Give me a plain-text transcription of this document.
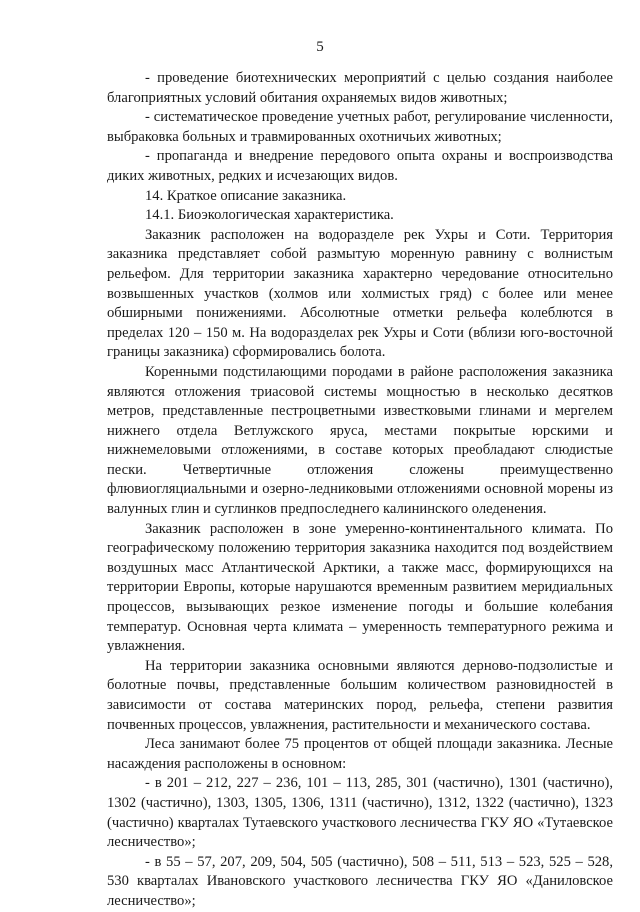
5

- проведение биотехнических мероприятий с целью создания наиболее благоприятных условий обитания охраняемых видов животных;

- систематическое проведение учетных работ, регулирование численности, выбраковка больных и травмированных охотничьих животных;

- пропаганда и внедрение передового опыта охраны и воспроизводства диких животных, редких и исчезающих видов.

14. Краткое описание заказника.

14.1. Биоэкологическая характеристика.

Заказник расположен на водоразделе рек Ухры и Соти. Территория заказника представляет собой размытую моренную равнину с волнистым рельефом. Для территории заказника характерно чередование относительно возвышенных участков (холмов или холмистых гряд) с более или менее обширными понижениями. Абсолютные отметки рельефа колеблются в пределах 120 – 150 м. На водоразделах рек Ухры и Соти (вблизи юго-восточной границы заказника) сформировались болота.

Коренными подстилающими породами в районе расположения заказника являются отложения триасовой системы мощностью в несколько десятков метров, представленные пестроцветными известковыми глинами и мергелем нижнего отдела Ветлужского яруса, местами покрытые юрскими и нижнемеловыми отложениями, в составе которых преобладают слюдистые пески. Четвертичные отложения сложены преимущественно флювиогляциальными и озерно-ледниковыми отложениями основной морены из валунных глин и суглинков предпоследнего калининского оледенения.

Заказник расположен в зоне умеренно-континентального климата. По географическому положению территория заказника находится под воздействием воздушных масс Атлантической Арктики, а также масс, формирующихся на территории Европы, которые нарушаются временным развитием меридиальных процессов, вызывающих резкое изменение погоды и большие колебания температур. Основная черта климата – умеренность температурного режима и увлажнения.

На территории заказника основными являются дерново-подзолистые и болотные почвы, представленные большим количеством разновидностей в зависимости от состава материнских пород, рельефа, степени развития почвенных процессов, увлажнения, растительности и механического состава.

Леса занимают более 75 процентов от общей площади заказника. Лесные насаждения расположены в основном:

- в 201 – 212, 227 – 236, 101 – 113, 285, 301 (частично), 1301 (частично), 1302 (частично), 1303, 1305, 1306, 1311 (частично), 1312, 1322 (частично), 1323 (частично) кварталах Тутаевского участкового лесничества ГКУ ЯО «Тутаевское лесничество»;

- в 55 – 57, 207, 209, 504, 505 (частично), 508 – 511, 513 – 523, 525 – 528, 530 кварталах Ивановского участкового лесничества ГКУ ЯО «Даниловское лесничество»;
